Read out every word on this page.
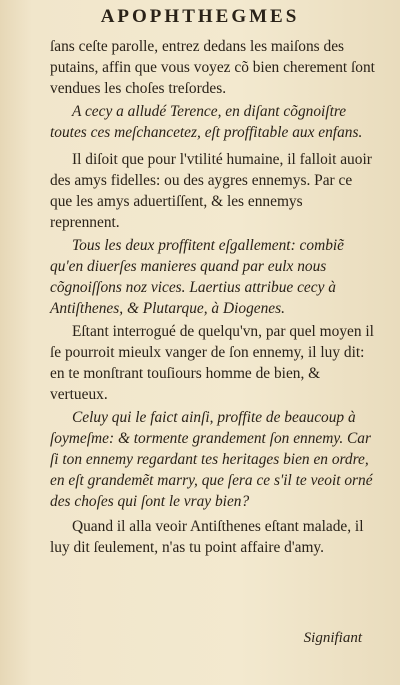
APOPHTHEGMES

ſans ceſte parolle, entrez dedans les maiſons des putains, affin que vous voyez cõ bien cherement ſont vendues les choſes treſordes.

A cecy a alludé Terence, en diſant cõgnoiſtre toutes ces meſchancetez, eſt proffitable aux enfans.

Il diſoit que pour l'vtilité humaine, il falloit auoir des amys fidelles: ou des aygres ennemys. Par ce que les amys aduertiſſent, & les ennemys reprennent.

Tous les deux proffitent eſgallement: combiẽ qu'en diuerſes manieres quand par eulx nous cõgnoiſſons noz vices. Laertius attribue cecy à Antiſthenes, & Plutarque, à Diogenes.

Eſtant interrogué de quelqu'vn, par quel moyen il ſe pourroit mieulx vanger de ſon ennemy, il luy dit: en te monſtrant touſiours homme de bien, & vertueux.

Celuy qui le faict ainſi, proffite de beaucoup à ſoymeſme: & tormente grandement ſon ennemy. Car ſi ton ennemy regardant tes heritages bien en ordre, en eſt grandemẽt marry, que ſera ce s'il te veoit orné des choſes qui ſont le vray bien?

Quand il alla veoir Antiſthenes eſtant malade, il luy dit ſeulement, n'as tu point affaire d'amy.

Signifiant
